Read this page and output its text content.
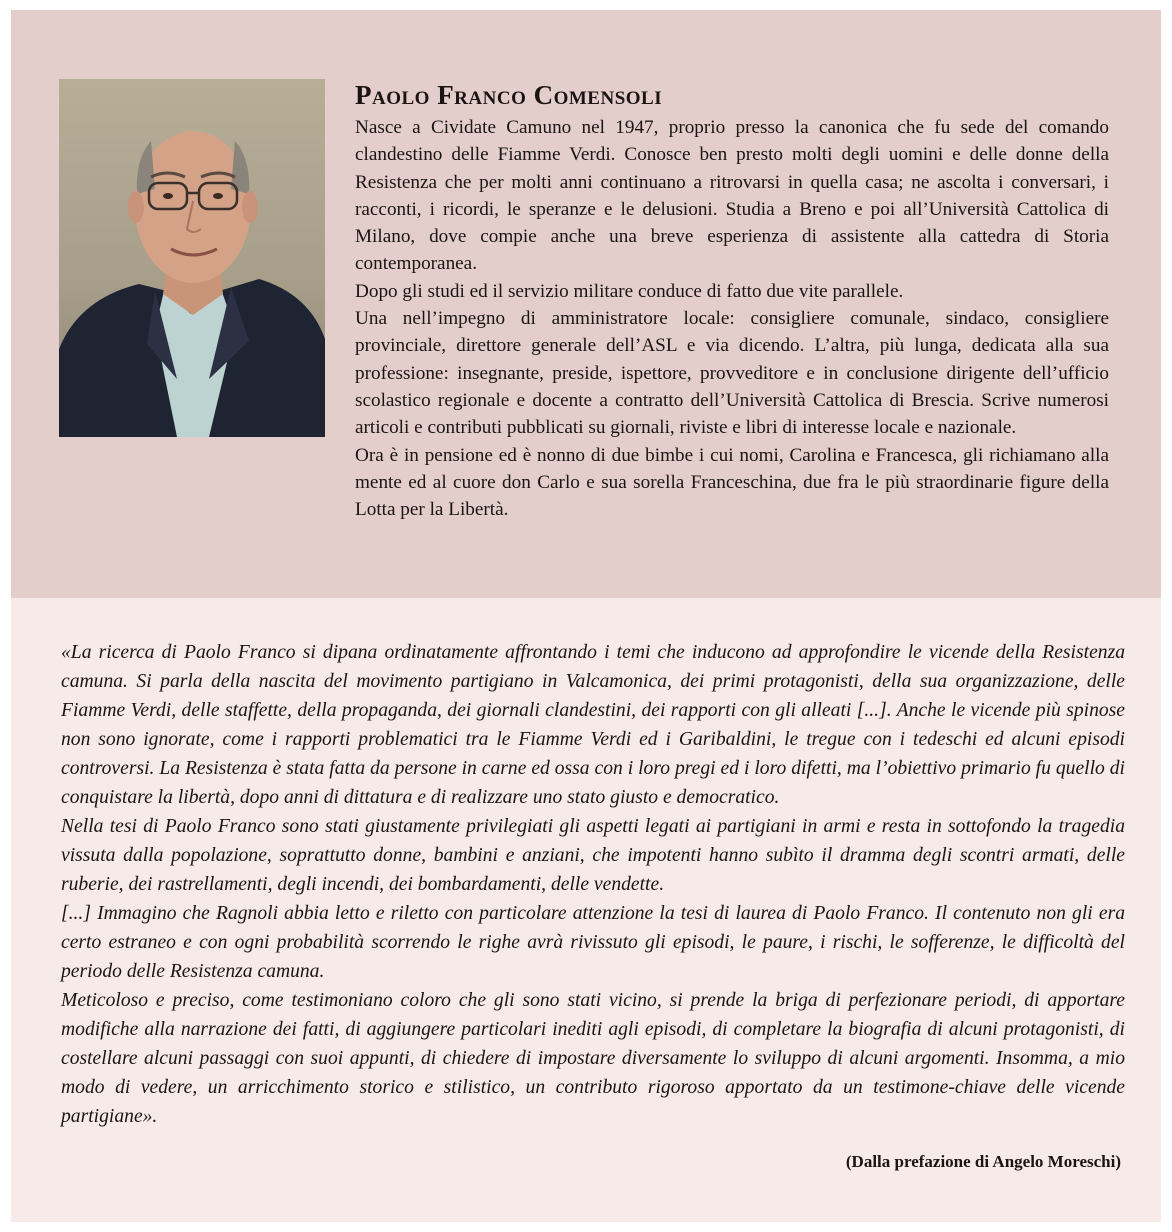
Paolo Franco Comensoli

Nasce a Cividate Camuno nel 1947, proprio presso la canonica che fu sede del comando clandestino delle Fiamme Verdi. Conosce ben presto molti degli uomini e delle donne della Resistenza che per molti anni continuano a ritrovarsi in quella casa; ne ascolta i conversari, i racconti, i ricordi, le speranze e le delusioni. Studia a Breno e poi all’Università Cattolica di Milano, dove compie anche una breve esperienza di assistente alla cattedra di Storia contemporanea.

Dopo gli studi ed il servizio militare conduce di fatto due vite parallele.

Una nell’impegno di amministratore locale: consigliere comunale, sindaco, consigliere provinciale, direttore generale dell’ASL e via dicendo. L’altra, più lunga, dedicata alla sua professione: insegnante, preside, ispettore, provveditore e in conclusione dirigente dell’ufficio scolastico regionale e docente a contratto dell’Università Cattolica di Brescia. Scrive numerosi articoli e contributi pubblicati su giornali, riviste e libri di interesse locale e nazionale.

Ora è in pensione ed è nonno di due bimbe i cui nomi, Carolina e Francesca, gli richiamano alla mente ed al cuore don Carlo e sua sorella Franceschina, due fra le più straordinarie figure della Lotta per la Libertà.

«La ricerca di Paolo Franco si dipana ordinatamente affrontando i temi che inducono ad approfondire le vicende della Resistenza camuna. Si parla della nascita del movimento partigiano in Valcamonica, dei primi protagonisti, della sua organizzazione, delle Fiamme Verdi, delle staffette, della propaganda, dei giornali clandestini, dei rapporti con gli alleati [...]. Anche le vicende più spinose non sono ignorate, come i rapporti problematici tra le Fiamme Verdi ed i Garibaldini, le tregue con i tedeschi ed alcuni episodi controversi. La Resistenza è stata fatta da persone in carne ed ossa con i loro pregi ed i loro difetti, ma l’obiettivo primario fu quello di conquistare la libertà, dopo anni di dittatura e di realizzare uno stato giusto e democratico.

Nella tesi di Paolo Franco sono stati giustamente privilegiati gli aspetti legati ai partigiani in armi e resta in sottofondo la tragedia vissuta dalla popolazione, soprattutto donne, bambini e anziani, che impotenti hanno subìto il dramma degli scontri armati, delle ruberie, dei rastrellamenti, degli incendi, dei bombardamenti, delle vendette.

[...] Immagino che Ragnoli abbia letto e riletto con particolare attenzione la tesi di laurea di Paolo Franco. Il contenuto non gli era certo estraneo e con ogni probabilità scorrendo le righe avrà rivissuto gli episodi, le paure, i rischi, le sofferenze, le difficoltà del periodo delle Resistenza camuna.

Meticoloso e preciso, come testimoniano coloro che gli sono stati vicino, si prende la briga di perfezionare periodi, di apportare modifiche alla narrazione dei fatti, di aggiungere particolari inediti agli episodi, di completare la biografia di alcuni protagonisti, di costellare alcuni passaggi con suoi appunti, di chiedere di impostare diversamente lo sviluppo di alcuni argomenti. Insomma, a mio modo di vedere, un arricchimento storico e stilistico, un contributo rigoroso apportato da un testimone-chiave delle vicende partigiane».

(Dalla prefazione di Angelo Moreschi)
